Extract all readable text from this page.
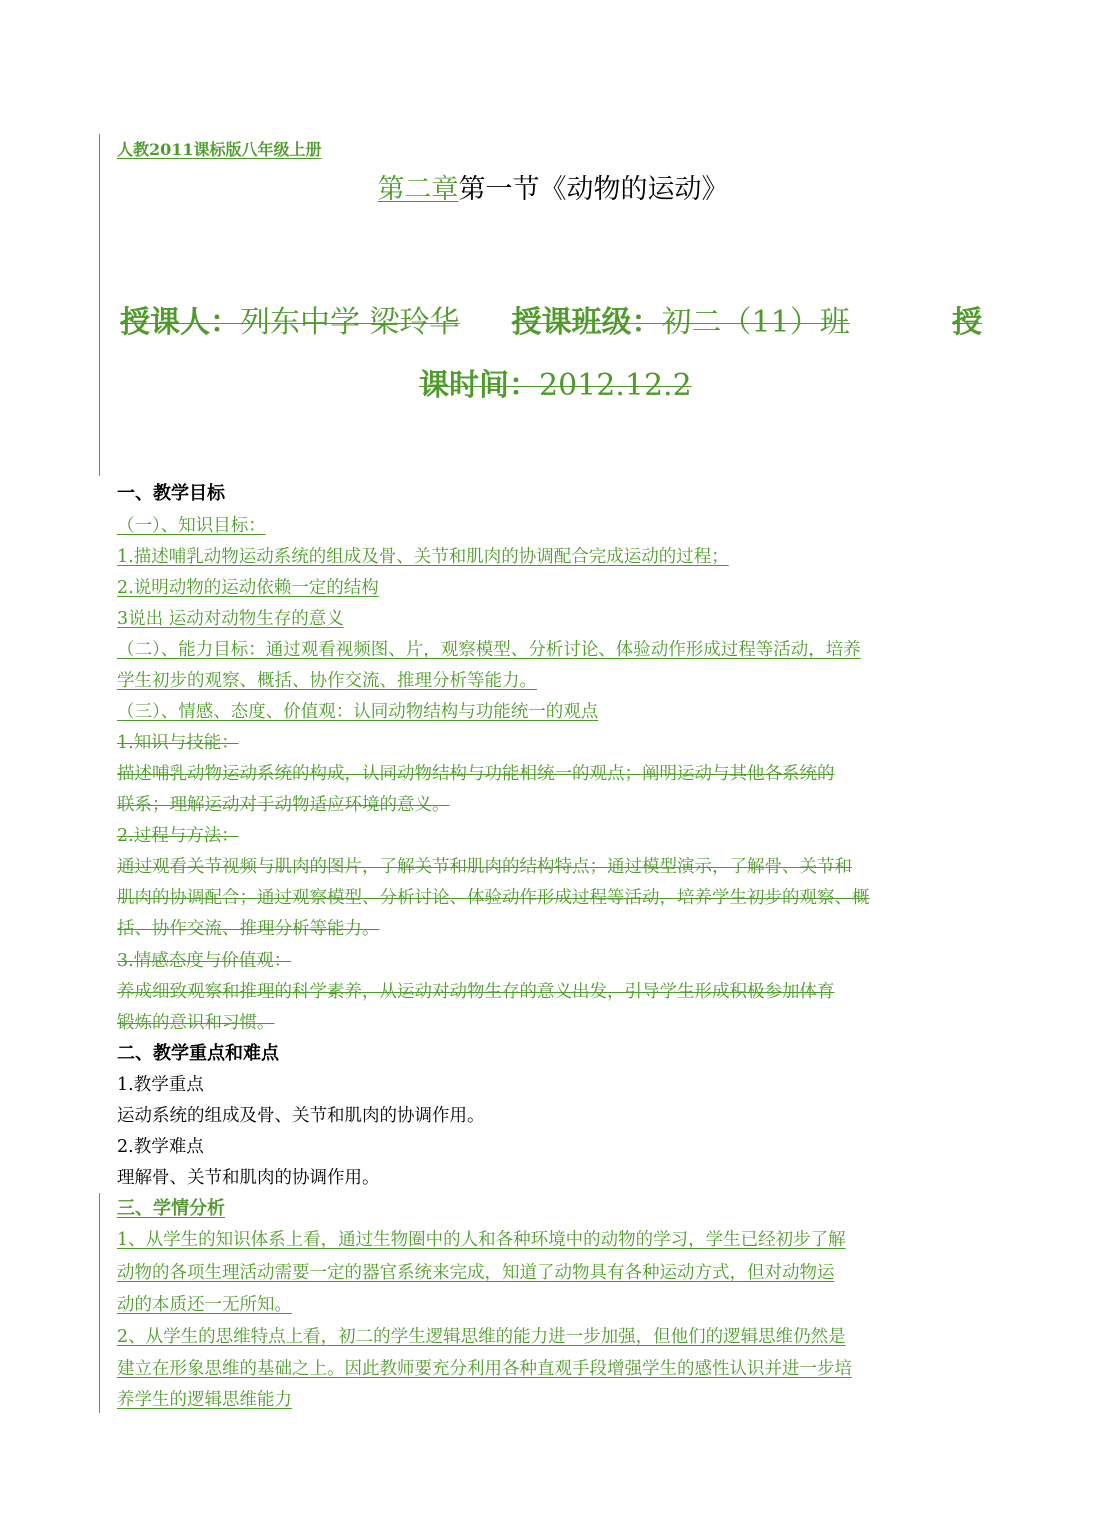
人教2011课标版八年级上册
第二章第一节《动物的运动》
授课人：列东中学 梁玲华 授课班级：初二（11）班	授
课时间：2012.12.2
一、教学目标
（一）、知识目标：
1.描述哺乳动物运动系统的组成及骨、关节和肌肉的协调配合完成运动的过程；
2.说明动物的运动依赖一定的结构
3说出 运动对动物生存的意义
（二）、能力目标：通过观看视频图、片，观察模型、分析讨论、体验动作形成过程等活动，培养
学生初步的观察、概括、协作交流、推理分析等能力。
（三）、情感、态度、价值观：认同动物结构与功能统一的观点
1.知识与技能：
描述哺乳动物运动系统的构成，认同动物结构与功能相统一的观点；阐明运动与其他各系统的
联系；理解运动对于动物适应环境的意义。
2.过程与方法：
通过观看关节视频与肌肉的图片，了解关节和肌肉的结构特点；通过模型演示，了解骨、关节和
肌肉的协调配合；通过观察模型、分析讨论、体验动作形成过程等活动，培养学生初步的观察、概
括、协作交流、推理分析等能力。
3.情感态度与价值观：
养成细致观察和推理的科学素养，从运动对动物生存的意义出发，引导学生形成积极参加体育
锻炼的意识和习惯。
二、教学重点和难点
1.教学重点
运动系统的组成及骨、关节和肌肉的协调作用。
2.教学难点
理解骨、关节和肌肉的协调作用。
三、学情分析
1、从学生的知识体系上看，通过生物圈中的人和各种环境中的动物的学习，学生已经初步了解
动物的各项生理活动需要一定的器官系统来完成，知道了动物具有各种运动方式，但对动物运
动的本质还一无所知。
2、从学生的思维特点上看，初二的学生逻辑思维的能力进一步加强，但他们的逻辑思维仍然是
建立在形象思维的基础之上。因此教师要充分利用各种直观手段增强学生的感性认识并进一步培
养学生的逻辑思维能力
